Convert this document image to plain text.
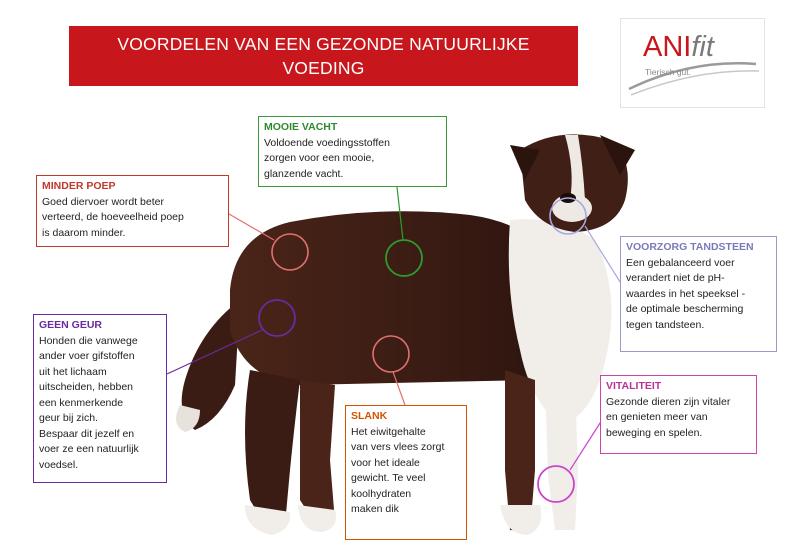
VOORDELEN VAN EEN GEZONDE NATUURLIJKE
VOEDING
ANIfit
Tierisch gut.
MOOIE VACHT
Voldoende voedingsstoffen
zorgen voor een mooie,
glanzende vacht.
MINDER POEP
Goed diervoer wordt beter
verteerd, de hoeveelheid poep
is daarom minder.
GEEN GEUR
Honden die vanwege
ander voer gifstoffen
uit het lichaam
uitscheiden, hebben
een kenmerkende
geur bij zich.
Bespaar dit jezelf en
voer ze een natuurlijk
voedsel.
SLANK
Het eiwitgehalte
van vers vlees zorgt
voor het ideale
gewicht. Te veel
koolhydraten
maken dik
VOORZORG TANDSTEEN
Een gebalanceerd voer
verandert niet de pH-
waardes in het speeksel -
de optimale bescherming
tegen tandsteen.
VITALITEIT
Gezonde dieren zijn vitaler
en genieten meer van
beweging en spelen.
